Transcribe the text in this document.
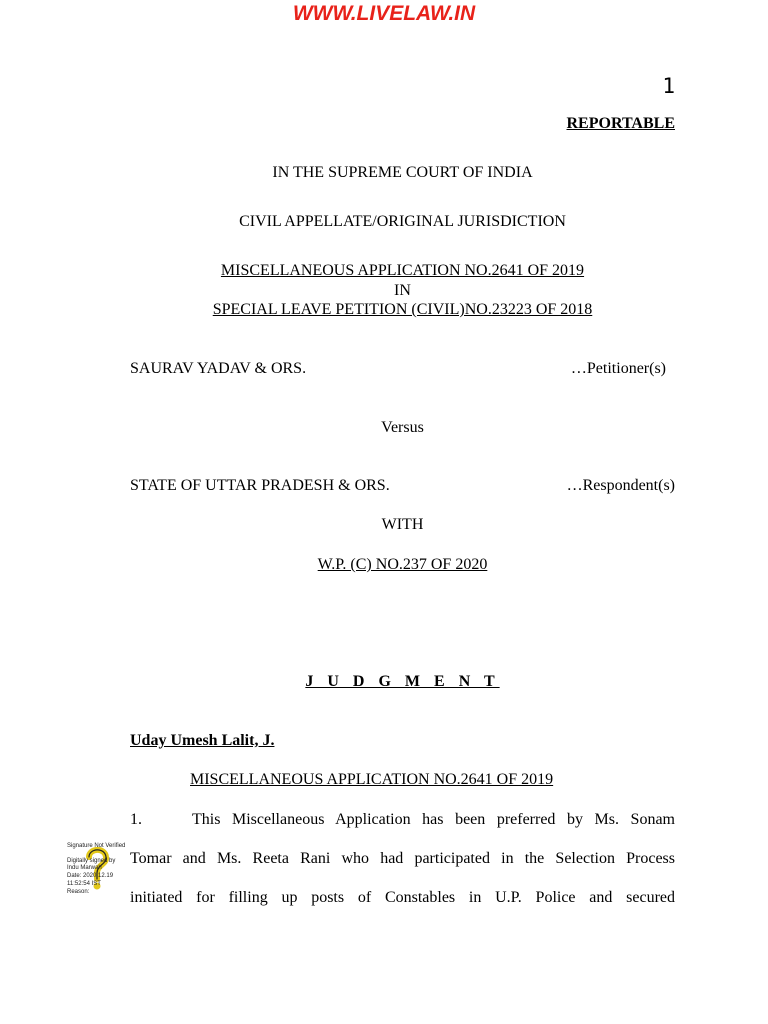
WWW.LIVELAW.IN
1
REPORTABLE
IN THE SUPREME COURT OF INDIA
CIVIL APPELLATE/ORIGINAL JURISDICTION
MISCELLANEOUS APPLICATION NO.2641 OF 2019
IN
SPECIAL LEAVE PETITION (CIVIL)NO.23223 OF 2018
SAURAV YADAV & ORS.	…Petitioner(s)
Versus
STATE OF UTTAR PRADESH & ORS.	…Respondent(s)
WITH
W.P. (C) NO.237 OF 2020
J U D G M E N T
Uday Umesh Lalit, J.
MISCELLANEOUS APPLICATION NO.2641 OF 2019
1.	This Miscellaneous Application has been preferred by Ms. Sonam
Tomar and Ms. Reeta Rani who had participated in the Selection Process
initiated for filling up posts of Constables in U.P. Police and secured
Signature Not Verified
Digitally signed by
Indu Marwah
Date: 2020.12.19
11:52:54 IST
Reason:
